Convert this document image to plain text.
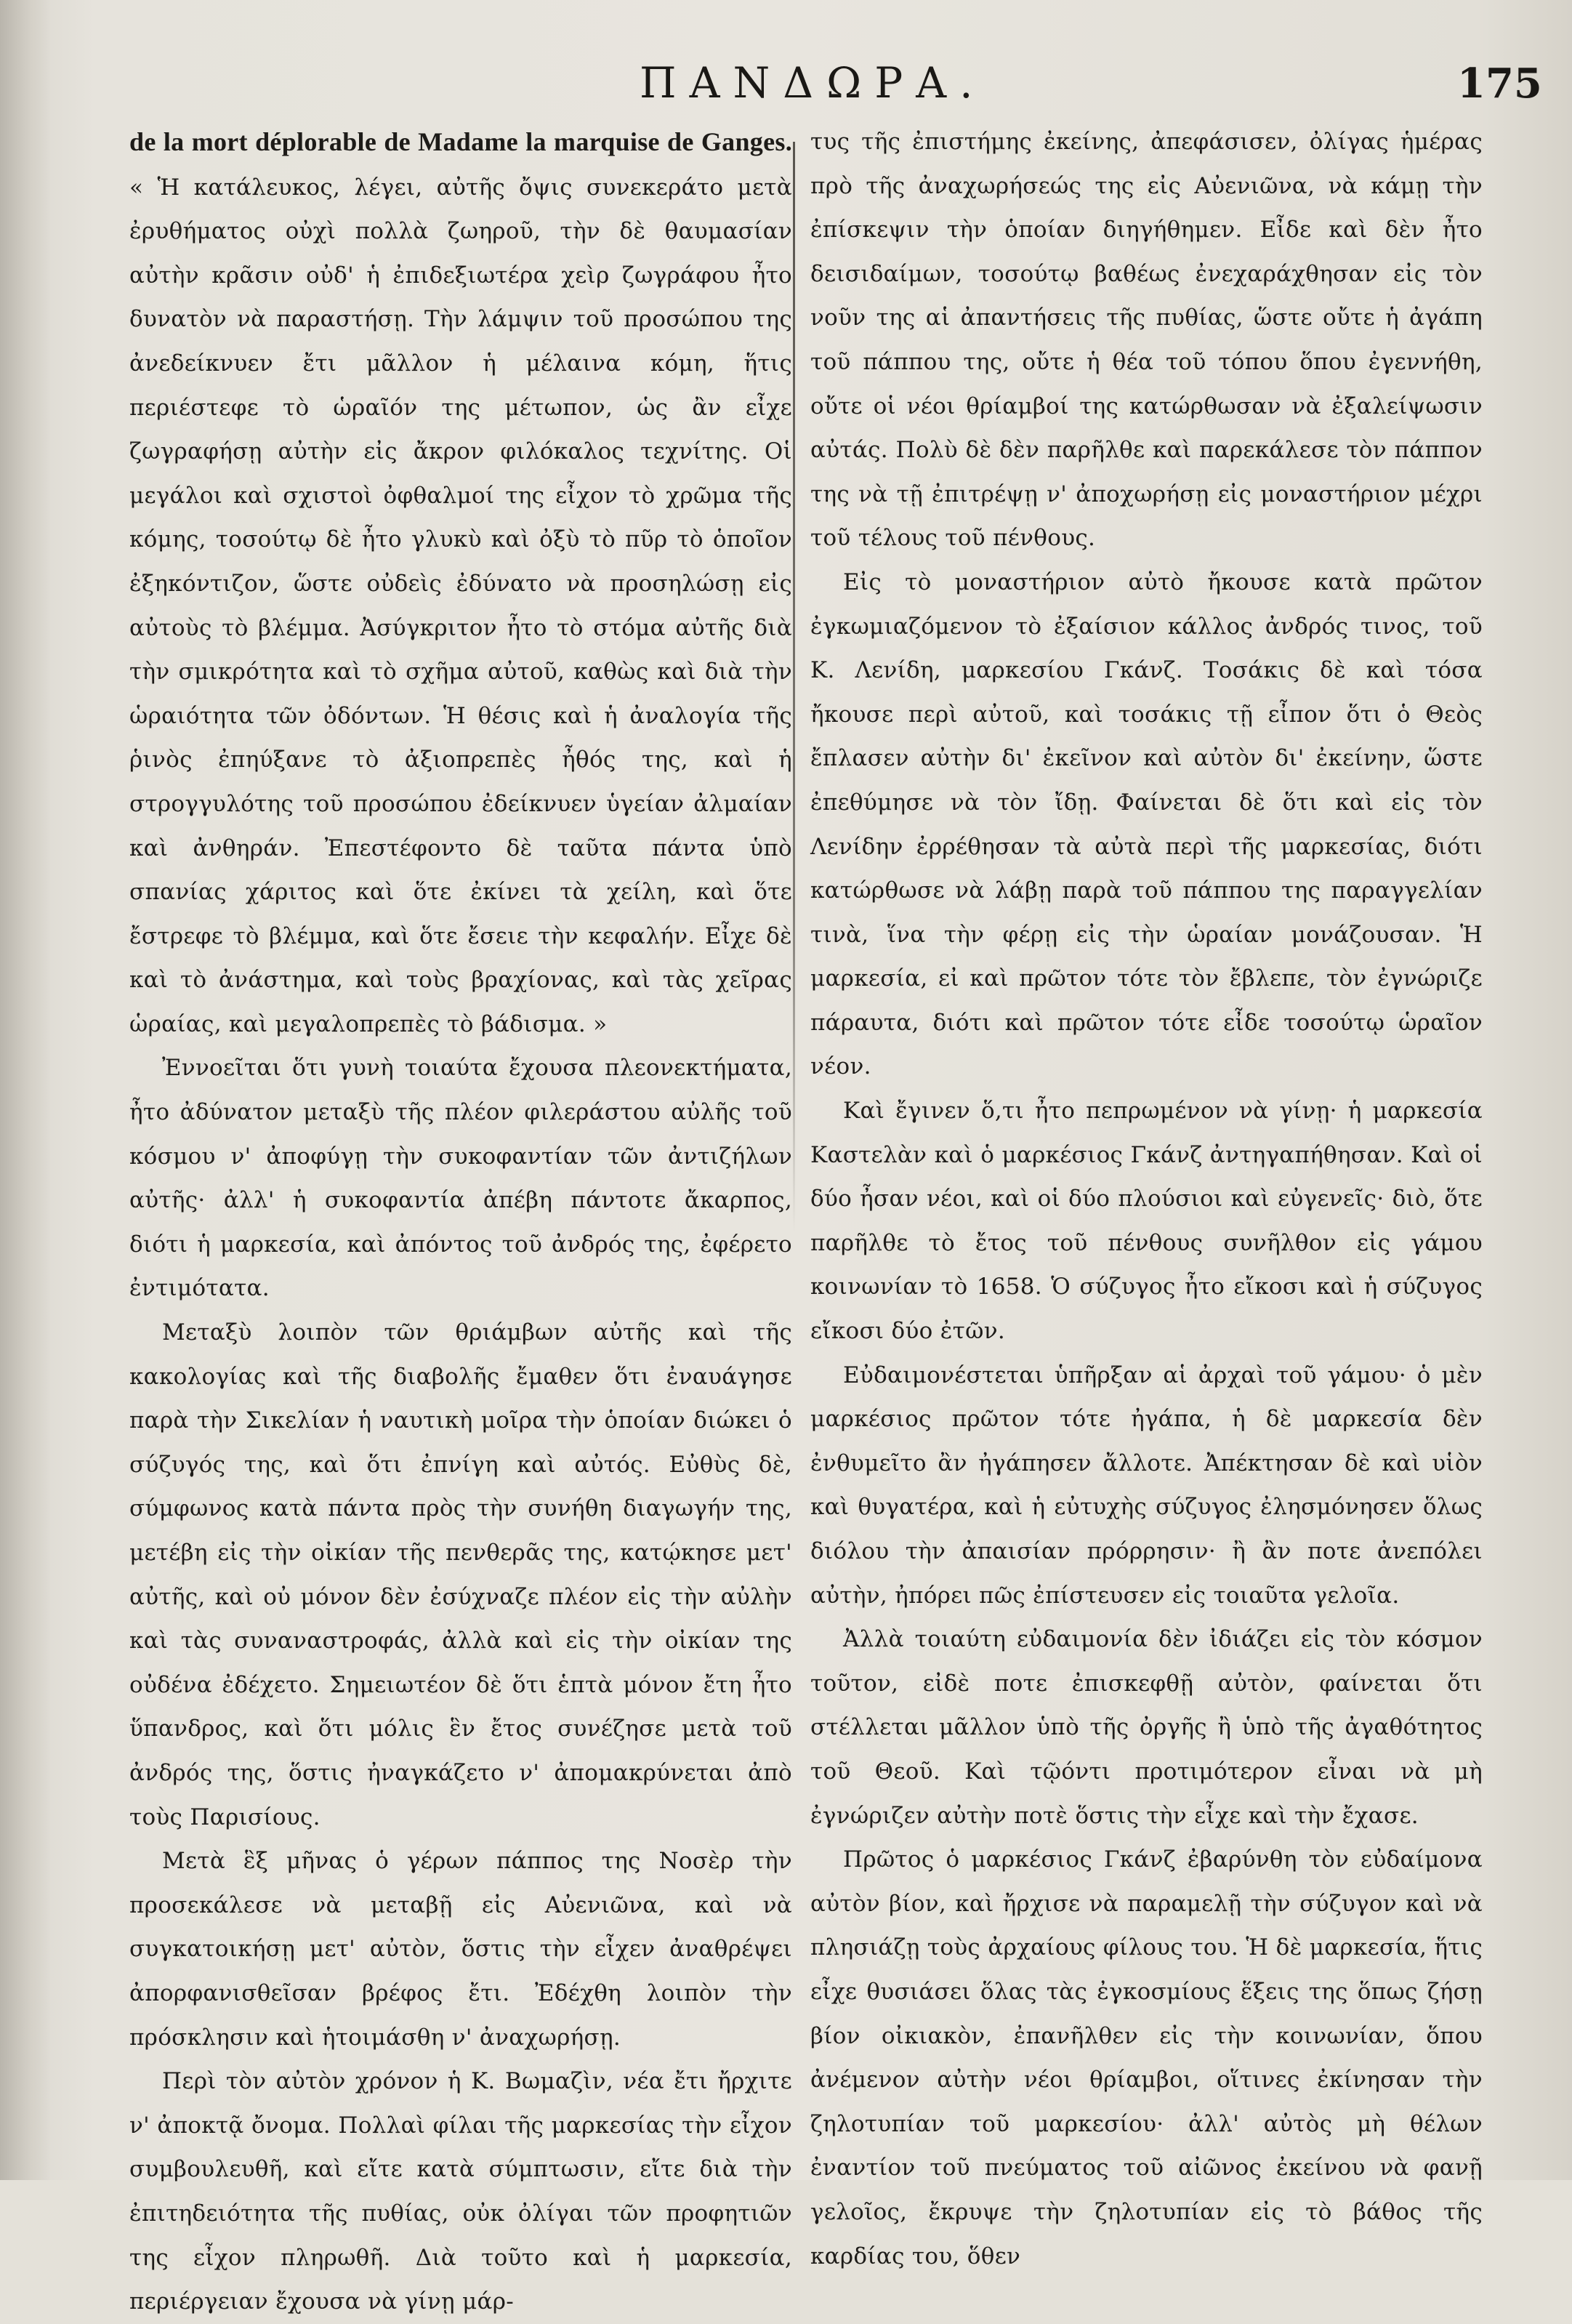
ΠΑΝΔΩΡΑ.	175

de la mort déplorable de Madame la marquise de Ganges. « Ἡ κατάλευκος, λέγει, αὐτῆς ὄψις συνεκεράτο μετὰ ἐρυθήματος οὐχὶ πολλὰ ζωηροῦ, τὴν δὲ θαυμασίαν αὐτὴν κρᾶσιν οὐδ' ἡ ἐπιδεξιωτέρα χεὶρ ζωγράφου ἦτο δυνατὸν νὰ παραστήσῃ. Τὴν λάμψιν τοῦ προσώπου της ἀνεδείκνυεν ἔτι μᾶλλον ἡ μέλαινα κόμη, ἥτις περιέστεφε τὸ ὡραῖόν της μέτωπον, ὡς ἂν εἶχε ζωγραφήσῃ αὐτὴν εἰς ἄκρον φιλόκαλος τεχνίτης. Οἱ μεγάλοι καὶ σχιστοὶ ὀφθαλμοί της εἶχον τὸ χρῶμα τῆς κόμης, τοσούτῳ δὲ ἦτο γλυκὺ καὶ ὀξὺ τὸ πῦρ τὸ ὁποῖον ἐξηκόντιζον, ὥστε οὐδεὶς ἐδύνατο νὰ προσηλώσῃ εἰς αὐτοὺς τὸ βλέμμα. Ἀσύγκριτον ἦτο τὸ στόμα αὐτῆς διὰ τὴν σμικρότητα καὶ τὸ σχῆμα αὐτοῦ, καθὼς καὶ διὰ τὴν ὡραιότητα τῶν ὀδόντων. Ἡ θέσις καὶ ἡ ἀναλογία τῆς ῥινὸς ἐπηύξανε τὸ ἀξιοπρεπὲς ἦθός της, καὶ ἡ στρογγυλότης τοῦ προσώπου ἐδείκνυεν ὑγείαν ἀλμαίαν καὶ ἀνθηράν. Ἐπεστέφοντο δὲ ταῦτα πάντα ὑπὸ σπανίας χάριτος καὶ ὅτε ἐκίνει τὰ χείλη, καὶ ὅτε ἔστρεφε τὸ βλέμμα, καὶ ὅτε ἔσειε τὴν κεφαλήν. Εἶχε δὲ καὶ τὸ ἀνάστημα, καὶ τοὺς βραχίονας, καὶ τὰς χεῖρας ὡραίας, καὶ μεγαλοπρεπὲς τὸ βάδισμα. »

Ἐννοεῖται ὅτι γυνὴ τοιαύτα ἔχουσα πλεονεκτήματα, ἦτο ἀδύνατον μεταξὺ τῆς πλέον φιλεράστου αὐλῆς τοῦ κόσμου ν' ἀποφύγῃ τὴν συκοφαντίαν τῶν ἀντιζήλων αὐτῆς· ἀλλ' ἡ συκοφαντία ἀπέβη πάντοτε ἄκαρπος, διότι ἡ μαρκεσία, καὶ ἀπόντος τοῦ ἀνδρός της, ἐφέρετο ἐντιμότατα.

Μεταξὺ λοιπὸν τῶν θριάμβων αὐτῆς καὶ τῆς κακολογίας καὶ τῆς διαβολῆς ἔμαθεν ὅτι ἐναυάγησε παρὰ τὴν Σικελίαν ἡ ναυτικὴ μοῖρα τὴν ὁποίαν διώκει ὁ σύζυγός της, καὶ ὅτι ἐπνίγη καὶ αὐτός. Εὐθὺς δὲ, σύμφωνος κατὰ πάντα πρὸς τὴν συνήθη διαγωγήν της, μετέβη εἰς τὴν οἰκίαν τῆς πενθερᾶς της, κατῴκησε μετ' αὐτῆς, καὶ οὐ μόνον δὲν ἐσύχναζε πλέον εἰς τὴν αὐλὴν καὶ τὰς συναναστροφάς, ἀλλὰ καὶ εἰς τὴν οἰκίαν της οὐδένα ἐδέχετο. Σημειωτέον δὲ ὅτι ἑπτὰ μόνον ἔτη ἦτο ὕπανδρος, καὶ ὅτι μόλις ἓν ἔτος συνέζησε μετὰ τοῦ ἀνδρός της, ὅστις ἠναγκάζετο ν' ἀπομακρύνεται ἀπὸ τοὺς Παρισίους.

Μετὰ ἓξ μῆνας ὁ γέρων πάππος της Νοσὲρ τὴν προσεκάλεσε νὰ μεταβῇ εἰς Αὐενιῶνα, καὶ νὰ συγκατοικήσῃ μετ' αὐτὸν, ὅστις τὴν εἶχεν ἀναθρέψει ἀπορφανισθεῖσαν βρέφος ἔτι. Ἐδέχθη λοιπὸν τὴν πρόσκλησιν καὶ ἡτοιμάσθη ν' ἀναχωρήσῃ.

Περὶ τὸν αὐτὸν χρόνον ἡ Κ. Βωμαζὶν, νέα ἔτι ἤρχιτε ν' ἀποκτᾷ ὄνομα. Πολλαὶ φίλαι τῆς μαρκεσίας τὴν εἶχον συμβουλευθῆ, καὶ εἴτε κατὰ σύμπτωσιν, εἴτε διὰ τὴν ἐπιτηδειότητα τῆς πυθίας, οὐκ ὀλίγαι τῶν προφητιῶν της εἶχον πληρωθῆ. Διὰ τοῦτο καὶ ἡ μαρκεσία, περιέργειαν ἔχουσα νὰ γίνῃ μάρ-

τυς τῆς ἐπιστήμης ἐκείνης, ἀπεφάσισεν, ὀλίγας ἡμέρας πρὸ τῆς ἀναχωρήσεώς της εἰς Αὐενιῶνα, νὰ κάμῃ τὴν ἐπίσκεψιν τὴν ὁποίαν διηγήθημεν. Εἶδε καὶ δὲν ἦτο δεισιδαίμων, τοσούτῳ βαθέως ἐνεχαράχθησαν εἰς τὸν νοῦν της αἱ ἀπαντήσεις τῆς πυθίας, ὥστε οὔτε ἡ ἀγάπη τοῦ πάππου της, οὔτε ἡ θέα τοῦ τόπου ὅπου ἐγεννήθη, οὔτε οἱ νέοι θρίαμβοί της κατώρθωσαν νὰ ἐξαλείψωσιν αὐτάς. Πολὺ δὲ δὲν παρῆλθε καὶ παρεκάλεσε τὸν πάππον της νὰ τῇ ἐπιτρέψῃ ν' ἀποχωρήσῃ εἰς μοναστήριον μέχρι τοῦ τέλους τοῦ πένθους.

Εἰς τὸ μοναστήριον αὐτὸ ἤκουσε κατὰ πρῶτον ἐγκωμιαζόμενον τὸ ἐξαίσιον κάλλος ἀνδρός τινος, τοῦ Κ. Λενίδη, μαρκεσίου Γκάνζ. Τοσάκις δὲ καὶ τόσα ἤκουσε περὶ αὐτοῦ, καὶ τοσάκις τῇ εἶπον ὅτι ὁ Θεὸς ἔπλασεν αὐτὴν δι' ἐκεῖνον καὶ αὐτὸν δι' ἐκείνην, ὥστε ἐπεθύμησε νὰ τὸν ἴδῃ. Φαίνεται δὲ ὅτι καὶ εἰς τὸν Λενίδην ἐρρέθησαν τὰ αὐτὰ περὶ τῆς μαρκεσίας, διότι κατώρθωσε νὰ λάβῃ παρὰ τοῦ πάππου της παραγγελίαν τινὰ, ἵνα τὴν φέρῃ εἰς τὴν ὡραίαν μονάζουσαν. Ἡ μαρκεσία, εἰ καὶ πρῶτον τότε τὸν ἔβλεπε, τὸν ἐγνώριζε πάραυτα, διότι καὶ πρῶτον τότε εἶδε τοσούτῳ ὡραῖον νέον.

Καὶ ἔγινεν ὅ,τι ἦτο πεπρωμένον νὰ γίνῃ· ἡ μαρκεσία Καστελὰν καὶ ὁ μαρκέσιος Γκάνζ ἀντηγαπήθησαν. Καὶ οἱ δύο ἦσαν νέοι, καὶ οἱ δύο πλούσιοι καὶ εὐγενεῖς· διὸ, ὅτε παρῆλθε τὸ ἔτος τοῦ πένθους συνῆλθον εἰς γάμου κοινωνίαν τὸ 1658. Ὁ σύζυγος ἦτο εἴκοσι καὶ ἡ σύζυγος εἴκοσι δύο ἐτῶν.

Εὐδαιμονέστεται ὑπῆρξαν αἱ ἀρχαὶ τοῦ γάμου· ὁ μὲν μαρκέσιος πρῶτον τότε ἠγάπα, ἡ δὲ μαρκεσία δὲν ἐνθυμεῖτο ἂν ἠγάπησεν ἄλλοτε. Ἀπέκτησαν δὲ καὶ υἱὸν καὶ θυγατέρα, καὶ ἡ εὐτυχὴς σύζυγος ἐλησμόνησεν ὅλως διόλου τὴν ἀπαισίαν πρόρρησιν· ἢ ἂν ποτε ἀνεπόλει αὐτὴν, ἠπόρει πῶς ἐπίστευσεν εἰς τοιαῦτα γελοῖα.

Ἀλλὰ τοιαύτη εὐδαιμονία δὲν ἰδιάζει εἰς τὸν κόσμον τοῦτον, εἰδὲ ποτε ἐπισκεφθῇ αὐτὸν, φαίνεται ὅτι στέλλεται μᾶλλον ὑπὸ τῆς ὀργῆς ἢ ὑπὸ τῆς ἀγαθότητος τοῦ Θεοῦ. Καὶ τῷόντι προτιμότερον εἶναι νὰ μὴ ἐγνώριζεν αὐτὴν ποτὲ ὅστις τὴν εἶχε καὶ τὴν ἔχασε.

Πρῶτος ὁ μαρκέσιος Γκάνζ ἐβαρύνθη τὸν εὐδαίμονα αὐτὸν βίον, καὶ ἤρχισε νὰ παραμελῇ τὴν σύζυγον καὶ νὰ πλησιάζῃ τοὺς ἀρχαίους φίλους του. Ἡ δὲ μαρκεσία, ἥτις εἶχε θυσιάσει ὅλας τὰς ἐγκοσμίους ἕξεις της ὅπως ζήσῃ βίον οἰκιακὸν, ἐπανῆλθεν εἰς τὴν κοινωνίαν, ὅπου ἀνέμενον αὐτὴν νέοι θρίαμβοι, οἵτινες ἐκίνησαν τὴν ζηλοτυπίαν τοῦ μαρκεσίου· ἀλλ' αὐτὸς μὴ θέλων ἐναντίον τοῦ πνεύματος τοῦ αἰῶνος ἐκείνου νὰ φανῇ γελοῖος, ἔκρυψε τὴν ζηλοτυπίαν εἰς τὸ βάθος τῆς καρδίας του, ὅθεν
